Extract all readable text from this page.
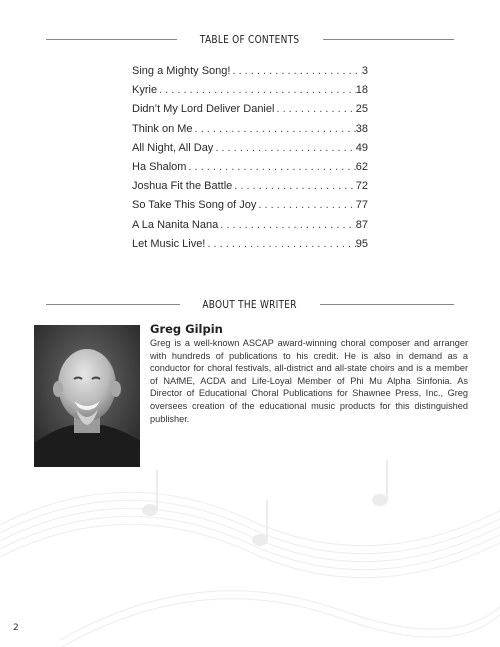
TABLE OF CONTENTS
Sing a Mighty Song! . . .	3
Kyrie . . .	18
Didn’t My Lord Deliver Daniel . . .	25
Think on Me . . .	38
All Night, All Day . . .	49
Ha Shalom . . .	62
Joshua Fit the Battle . . .	72
So Take This Song of Joy . . .	77
A La Nanita Nana . . .	87
Let Music Live! . . .	95
ABOUT THE WRITER
Greg Gilpin
Greg is a well-known ASCAP award-winning choral composer and arranger with hundreds of publications to his credit. He is also in demand as a conductor for choral festivals, all-district and all-state choirs and is a member of NAfME, ACDA and Life-Loyal Member of Phi Mu Alpha Sinfonia. As Director of Educational Choral Publications for Shawnee Press, Inc., Greg oversees creation of the educational music products for this distinguished publisher.
2
